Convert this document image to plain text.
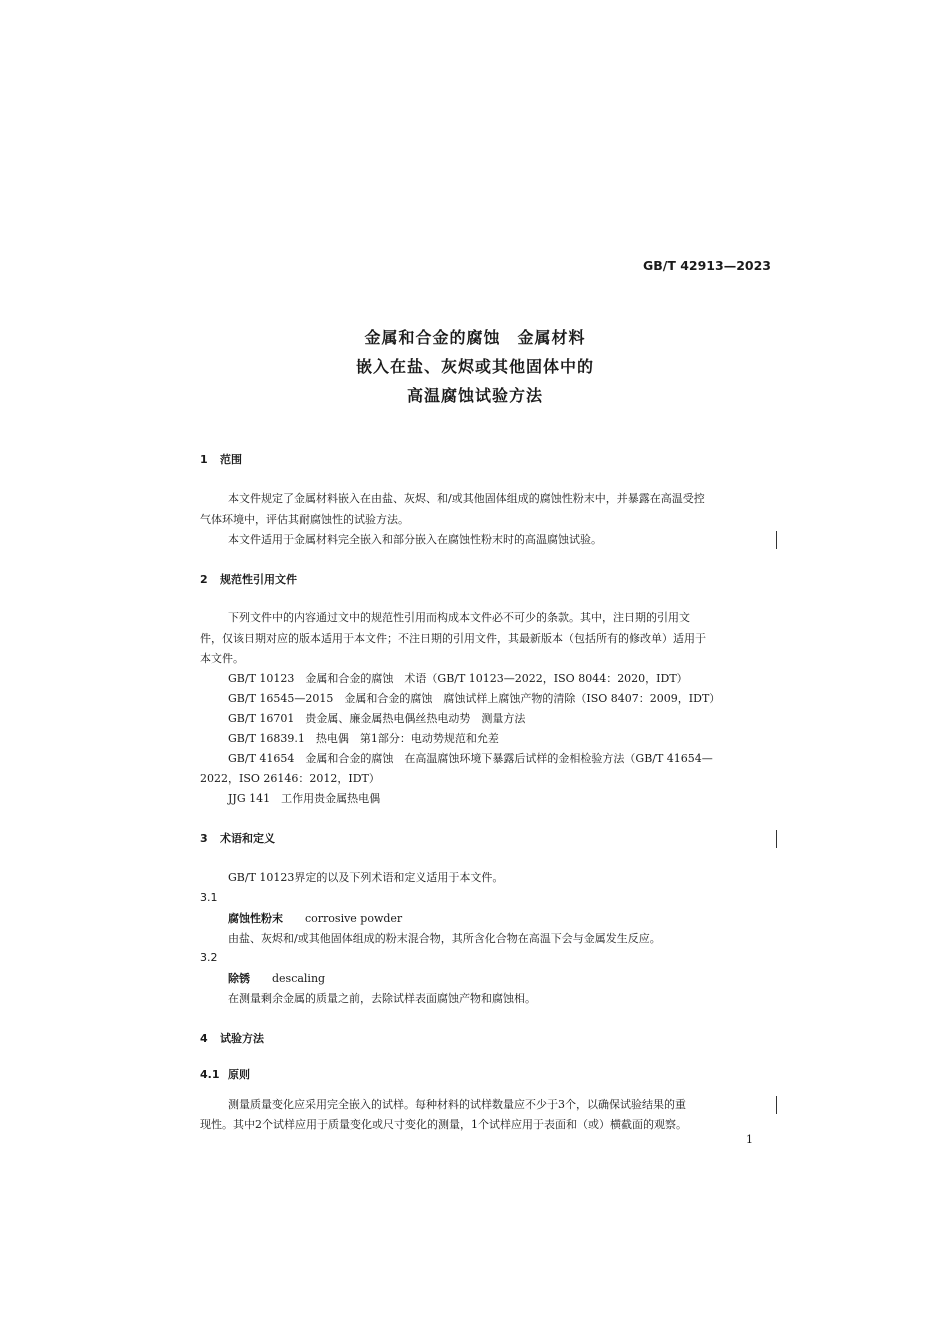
GB/T 42913—2023
金属和合金的腐蚀　金属材料
嵌入在盐、灰烬或其他固体中的
高温腐蚀试验方法
1 范围
本文件规定了金属材料嵌入在由盐、灰烬、和/或其他固体组成的腐蚀性粉末中，并暴露在高温受控
气体环境中，评估其耐腐蚀性的试验方法。
本文件适用于金属材料完全嵌入和部分嵌入在腐蚀性粉末时的高温腐蚀试验。
2 规范性引用文件
下列文件中的内容通过文中的规范性引用而构成本文件必不可少的条款。其中，注日期的引用文
件，仅该日期对应的版本适用于本文件；不注日期的引用文件，其最新版本（包括所有的修改单）适用于
本文件。
GB/T 10123　金属和合金的腐蚀　术语（GB/T 10123—2022，ISO 8044：2020，IDT）
GB/T 16545—2015　金属和合金的腐蚀　腐蚀试样上腐蚀产物的清除（ISO 8407：2009，IDT）
GB/T 16701　贵金属、廉金属热电偶丝热电动势　测量方法
GB/T 16839.1　热电偶　第1部分：电动势规范和允差
GB/T 41654　金属和合金的腐蚀　在高温腐蚀环境下暴露后试样的金相检验方法（GB/T 41654—
2022，ISO 26146：2012，IDT）
JJG 141　工作用贵金属热电偶
3 术语和定义
GB/T 10123界定的以及下列术语和定义适用于本文件。
3.1
腐蚀性粉末 corrosive powder
由盐、灰烬和/或其他固体组成的粉末混合物，其所含化合物在高温下会与金属发生反应。
3.2
除锈 descaling
在测量剩余金属的质量之前，去除试样表面腐蚀产物和腐蚀相。
4 试验方法
4.1 原则
测量质量变化应采用完全嵌入的试样。每种材料的试样数量应不少于3个，以确保试验结果的重
现性。其中2个试样应用于质量变化或尺寸变化的测量，1个试样应用于表面和（或）横截面的观察。
1
